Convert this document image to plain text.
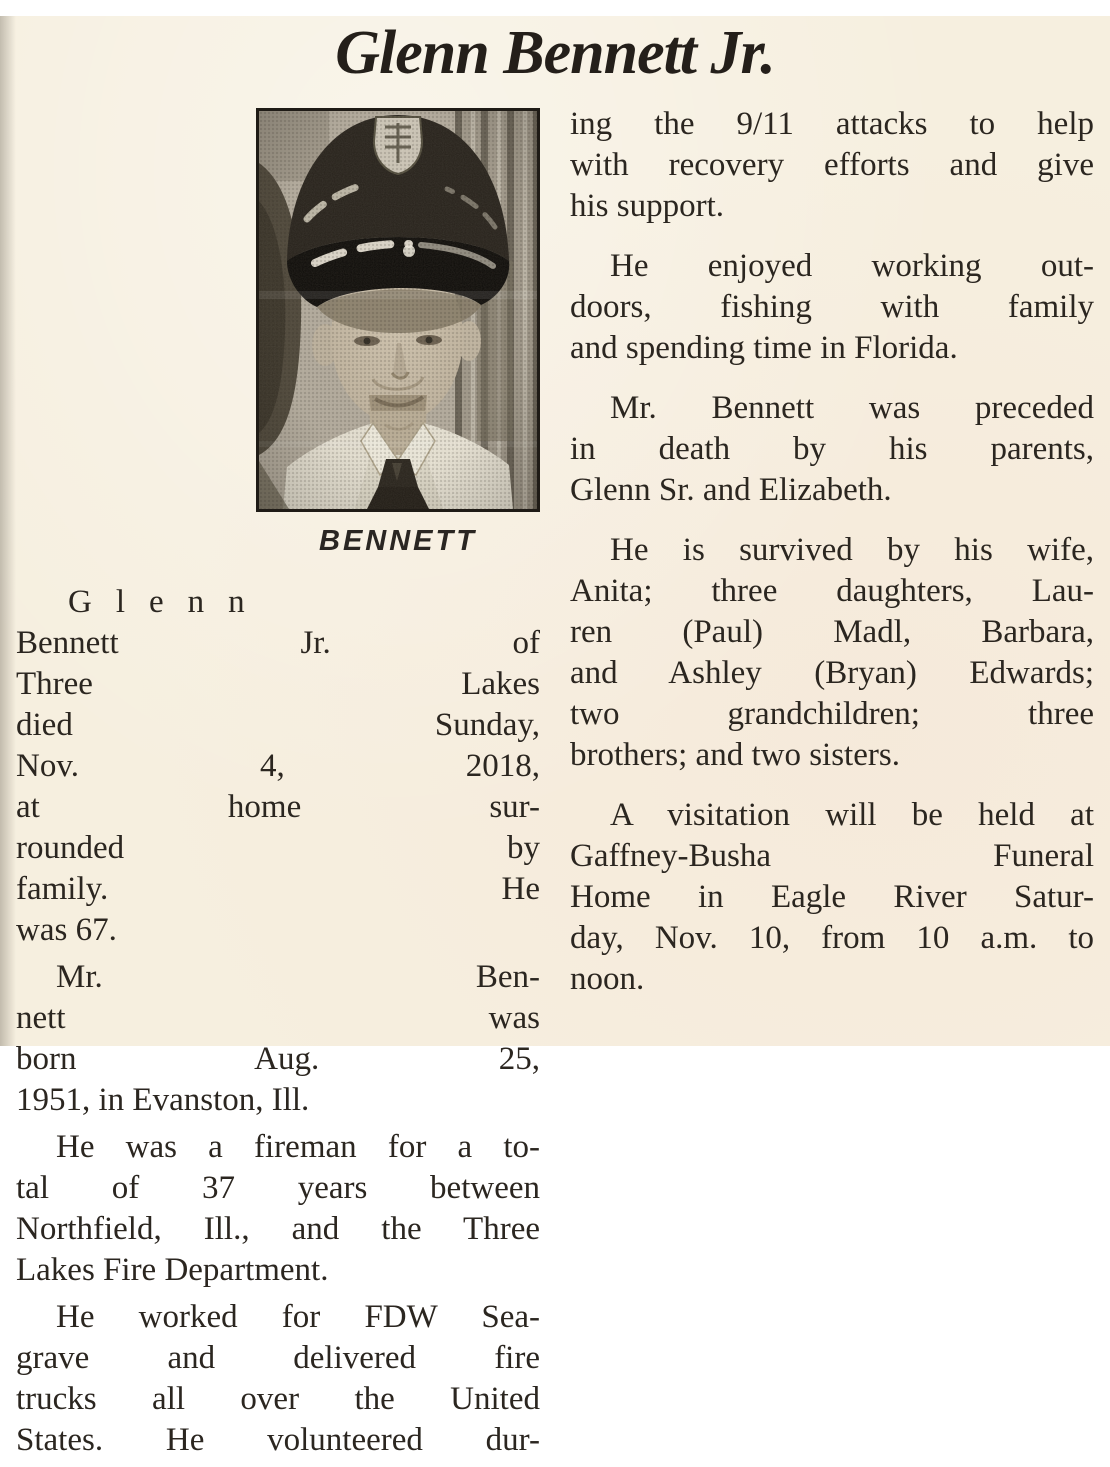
Glenn Bennett Jr.
BENNETT
Glenn
Bennett Jr. of
Three Lakes
died Sunday,
Nov. 4, 2018,
at home sur-
rounded by
family. He
was 67.
Mr. Ben-
nett was
born Aug. 25,
1951, in Evanston, Ill.
He was a fireman for a to-
tal of 37 years between
Northfield, Ill., and the Three
Lakes Fire Department.
He worked for FDW Sea-
grave and delivered fire
trucks all over the United
States. He volunteered dur-
ing the 9/11 attacks to help
with recovery efforts and give
his support.
He enjoyed working out-
doors, fishing with family
and spending time in Florida.
Mr. Bennett was preceded
in death by his parents,
Glenn Sr. and Elizabeth.
He is survived by his wife,
Anita; three daughters, Lau-
ren (Paul) Madl, Barbara,
and Ashley (Bryan) Edwards;
two grandchildren; three
brothers; and two sisters.
A visitation will be held at
Gaffney-Busha Funeral
Home in Eagle River Satur-
day, Nov. 10, from 10 a.m. to
noon.
